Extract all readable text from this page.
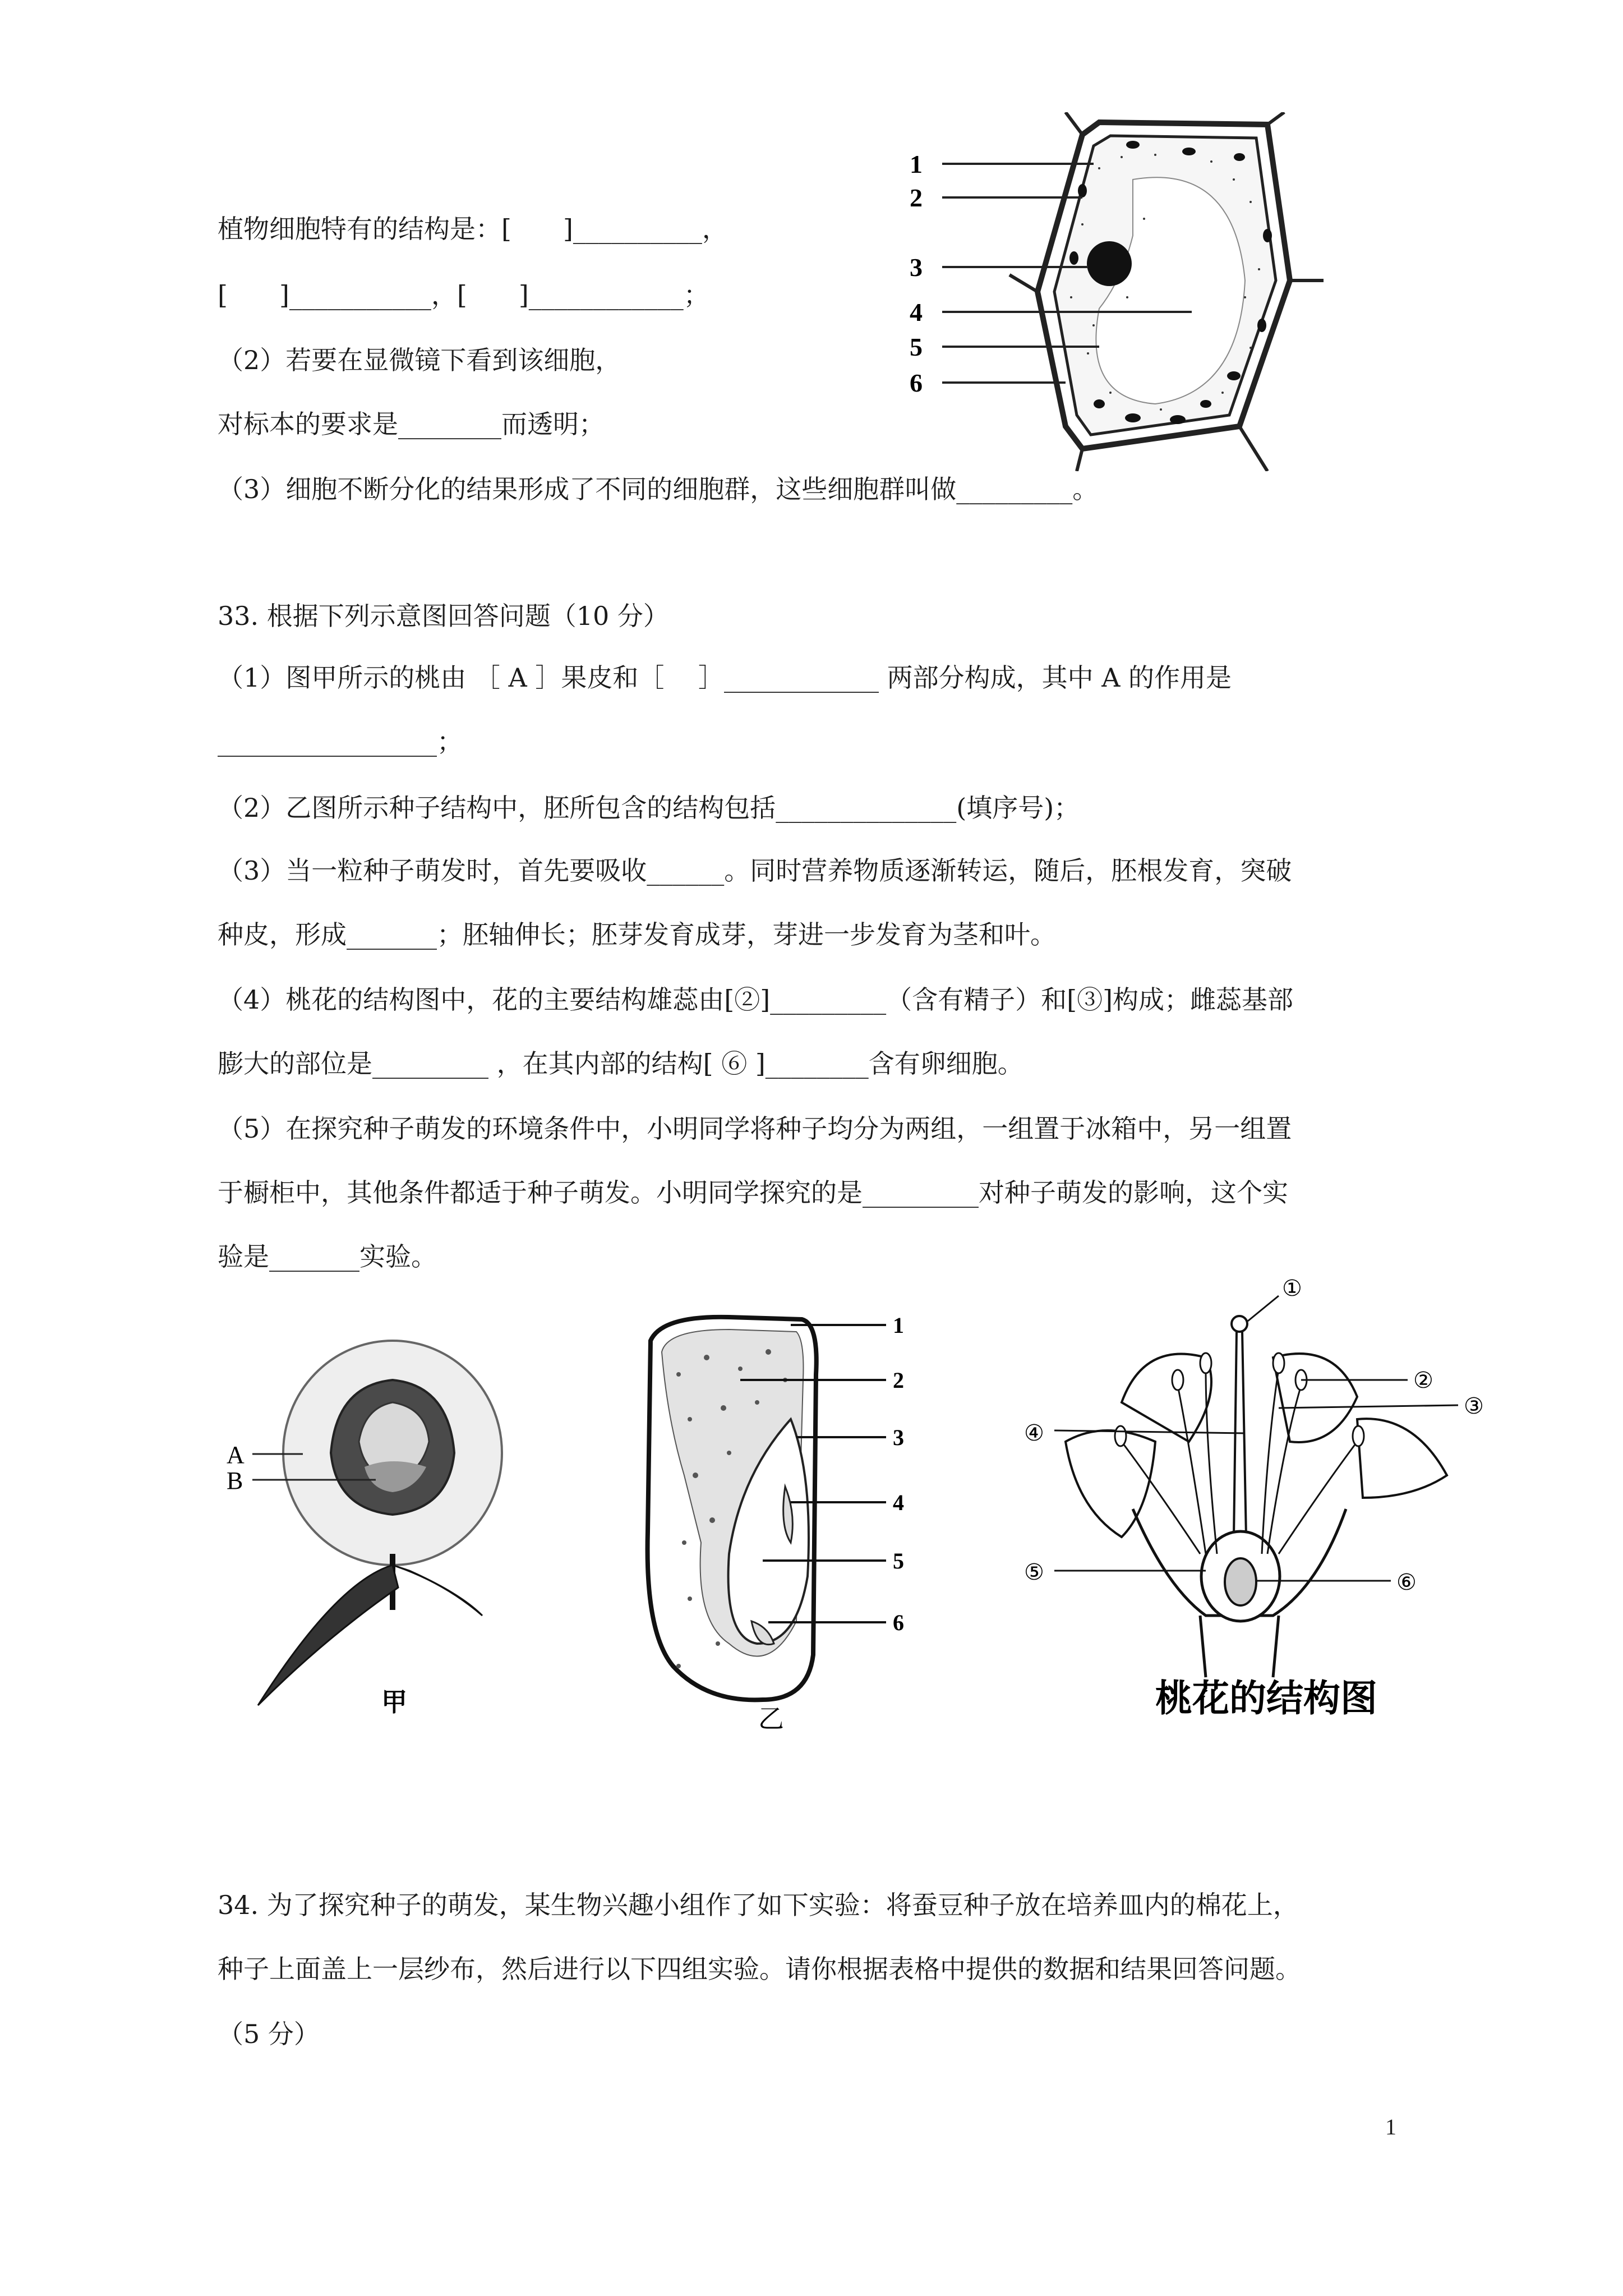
植物细胞特有的结构是：[　　]__________，
[　　]___________，[　　]____________；
（2）若要在显微镜下看到该细胞，
对标本的要求是________而透明；
（3）细胞不断分化的结果形成了不同的细胞群，这些细胞群叫做_________。
1
2
3
4
5
6
33. 根据下列示意图回答问题（10 分）
（1）图甲所示的桃由 ［ A ］果皮和［　 ］____________ 两部分构成，其中 A 的作用是
_________________；
（2）乙图所示种子结构中，胚所包含的结构包括______________(填序号)；
（3）当一粒种子萌发时，首先要吸收______。同时营养物质逐渐转运，随后，胚根发育，突破
种皮，形成_______；胚轴伸长；胚芽发育成芽，芽进一步发育为茎和叶。
（4）桃花的结构图中，花的主要结构雄蕊由[②]_________（含有精子）和[③]构成；雌蕊基部
膨大的部位是_________ ，在其内部的结构[ ⑥ ]________含有卵细胞。
（5）在探究种子萌发的环境条件中，小明同学将种子均分为两组，一组置于冰箱中，另一组置
于橱柜中，其他条件都适于种子萌发。小明同学探究的是_________对种子萌发的影响，这个实
验是_______实验。
A
B
甲
1
2
3
4
5
6
乙
①
②
③
④
⑤	⑥
桃花的结构图
34. 为了探究种子的萌发，某生物兴趣小组作了如下实验：将蚕豆种子放在培养皿内的棉花上，
种子上面盖上一层纱布，然后进行以下四组实验。请你根据表格中提供的数据和结果回答问题。
（5 分）
1
